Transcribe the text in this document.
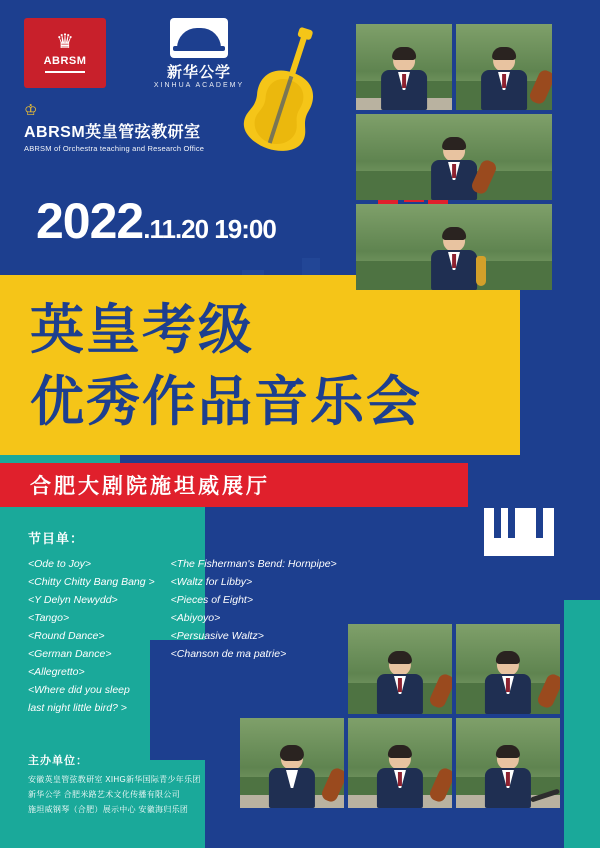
♛
ABRSM
新华公学
XINHUA ACADEMY
♔
ABRSM英皇管弦教研室
ABRSM of Orchestra teaching and Research Office
2022.11.20 19:00
英皇考级
优秀作品音乐会
合肥大剧院施坦威展厅
节目单：
<Ode to Joy>
<Chitty Chitty Bang Bang >
<Y Delyn Newydd>
<Tango>
<Round Dance>
<German Dance>
<Allegretto>
<Where did you sleep
last night little bird? >
<The Fisherman's Bend: Hornpipe>
<Waltz for Libby>
<Pieces of Eight>
<Abiyoyo>
<Persuasive Waltz>
<Chanson de ma patrie>
主办单位：

安徽英皇管弦教研室 XIHG新华国际青少年乐团

新华公学 合肥米路艺术文化传播有限公司

施坦威钢琴（合肥）展示中心 安徽海归乐团
